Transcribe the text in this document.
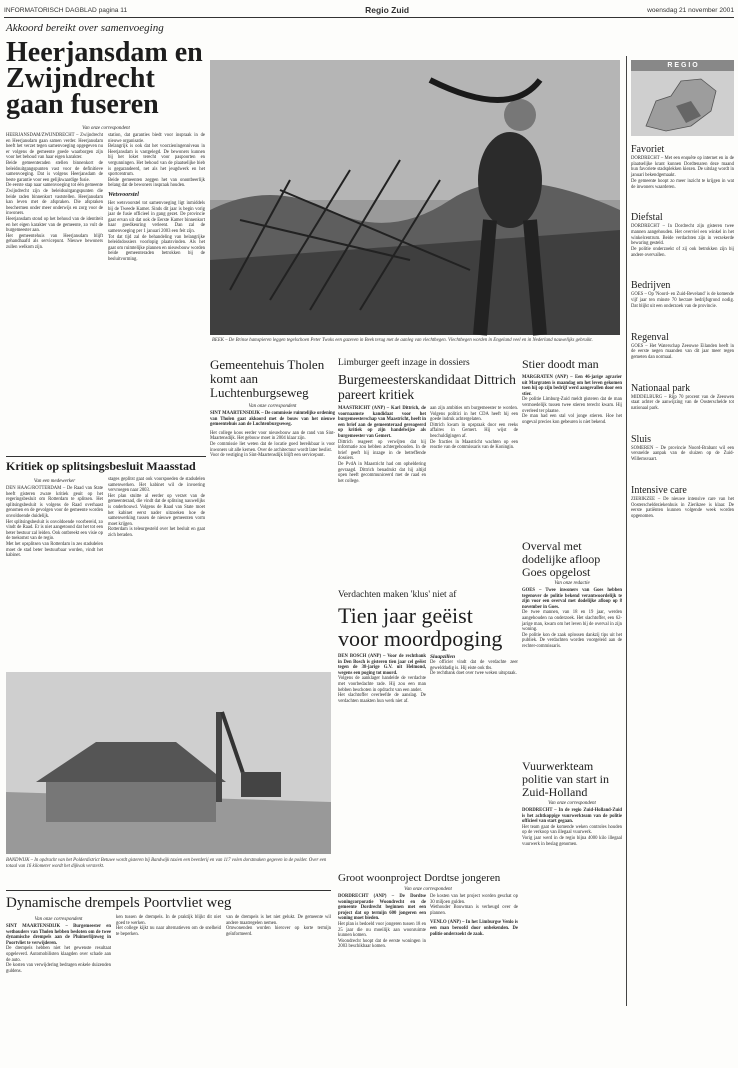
INFORMATORISCH DAGBLAD pagina 11	Regio Zuid	woensdag 21 november 2001
Akkoord bereikt over samenvoeging
Heerjansdam en Zwijndrecht gaan fuseren
Van onze correspondent
HEERJANSDAM/ZWIJNDRECHT – Zwijndrecht en Heerjansdam gaan samen verder. Heerjansdam heeft het verzet tegen samenvoeging opgegeven nu er volgens de gemeente goede waarborgen zijn voor het behoud van haar eigen karakter.
Beide gemeenteraden stellen binnenkort de beleidsuitgangspunten vast voor de definitieve samenvoeging. Dat is volgens Heerjansdam de beste garantie voor een gelijkwaardige fusie.
De eerste stap naar samenvoeging tot één gemeente Zwijndrecht zijn de beleidsuitgangspunten die beide raden binnenkort vaststellen. Heerjansdam kan leven met de afspraken. Die afspraken beschermen onder meer onderwijs en zorg voor de inwoners.
Heerjansdam stond op het behoud van de identiteit en het eigen karakter van de gemeente, zo vult de burgemeester aan.
Het gemeentehuis van Heerjansdam blijft gehandhaafd als servicepunt. Nieuwe bewoners zullen welkom zijn.
station, dat garanties biedt voor inspraak in de nieuwe organisatie.
Belangrijk is ook dat het voorzieningenniveau in Heerjansdam is vastgelegd. De bewoners kunnen bij het loket terecht voor paspoorten en vergunningen. Het behoud van de plaatselijke bieb is gegarandeerd, net als het jeugdwerk en het sportcentrum.
Beide gemeenten zeggen het van onontbeerlijk belang dat de bewoners inspraak houden.
Wetsvoorstel
Het wetsvoorstel tot samenvoeging ligt inmiddels bij de Tweede Kamer. Sinds dit jaar is begin vorig jaar de fusie officieel in gang gezet. De provincie gaat ervan uit dat ook de Eerste Kamer binnenkort haar goedkeuring verleent. Dan zal de samenvoeging per 1 januari 2003 een feit zijn.
Tot dat tijd zal de behandeling van belangrijke beleidsdossiers voorlopig plaatsvinden. Als het gaat om ruimtelijke plannen en nieuwbouw worden beide gemeenteraden betrokken bij de besluitvorming.
BEEK – De Brinse hamspieren leggen tegelschoen Peter Twoks een gazeven in Beek terug met de aanleg van vlechthegen. Vlechthegen worden in Engeland veel en in Nederland nauwelijks gebruikt.
R E G I O
Favoriet
DORDRECHT – Met een enquête op internet en in de plaatselijke krant kunnen Dordtenaren deze maand hun favoriete stadsplekken kiezen. De uitslag wordt in januari bekendgemaakt.
De gemeente hoopt zo meer inzicht te krijgen in wat de inwoners waarderen.
Diefstal
DORDRECHT – In Dordrecht zijn gisteren twee mannen aangehouden. Het overviel een winkel in het winkelcentrum. Beide verdachten zijn in verzekerde bewaring gesteld.
De politie onderzoekt of zij ook betrokken zijn bij andere overvallen.
Bedrijven
GOES – Op 'Noord- en Zuid-Beveland' is de komende vijf jaar ten minste 70 hectare bedrijfsgrond nodig. Dat blijkt uit een onderzoek van de provincie.
Regenval
GOES – Het Waterschap Zeeuwse Eilanden heeft in de eerste negen maanden van dit jaar meer regen gemeten dan normaal.
Nationaal park
MIDDELBURG – Rijp 70 procent van de Zeeuwen staat achter de aanwijzing van de Oosterschelde tot nationaal park.
Sluis
SOMEREN – De provincie Noord-Brabant wil een versnelde aanpak van de sluizen op de Zuid-Willemsvaart.
Intensive care
ZIERIKZEE – De nieuwe intensive care van het Oosterscheldeziekenhuis in Zierikzee is klaar. De eerste patiënten kunnen volgende week worden opgenomen.
Kritiek op splitsingsbesluit Maasstad
Van een medewerker
DEN HAAG/ROTTERDAM – De Raad van State heeft gisteren zware kritiek geuit op het regeringsbesluit om Rotterdam te splitsen. Het splitsingsbesluit is volgens de Raad overhaast genomen en de gevolgen voor de gemeente worden onvoldoende duidelijk.
Het splitsingsbesluit is onvoldoende voorbereid, zo vindt de Raad. Er is niet aangetoond dat het tot een beter bestuur zal leiden. Ook ontbreekt een visie op de toekomst van de regio.
Met het opsplitsen van Rotterdam in zes stadsdelen moet de stad beter bestuurbaar worden, vindt het kabinet.
stages geplitst gaat ook voorspoeden de stadsdelen samenwerken. Het kabinet wil de invoering vervroegen naar 2003.
Het plan stuitte al eerder op verzet van de gemeenteraad, die vindt dat de splitsing nauwelijks is onderbouwd. Volgens de Raad van State moet het kabinet eerst nader uitzoeken hoe de samenwerking tussen de nieuwe gemeenten vorm moet krijgen.
Rotterdam is teleurgesteld over het besluit en gaat zich beraden.
Gemeentehuis Tholen komt aan Luchtenburgseweg
Van onze correspondent
SINT MAARTENSDIJK – De commissie ruimtelijke ordening van Tholen gaat akkoord met de bouw van het nieuwe gemeentehuis aan de Luchtenburgseweg.
Het college koos eerder voor nieuwbouw aan de rand van Sint-Maartensdijk. Het gebouw moet in 2004 klaar zijn.
De commissie liet weten dat de locatie goed bereikbaar is voor inwoners uit alle kernen. Over de architectuur wordt later beslist.
Voor de vestiging in Sint-Maartensdijk blijft een servicepunt.
Limburger geeft inzage in dossiers
Burgemeesterskandidaat Dittrich pareert kritiek
MAASTRICHT (ANP) – Karl Dittrich, de voornaamste kandidaat voor het burgemeesterschap van Maastricht, heeft in een brief aan de gemeenteraad gereageerd op kritiek op zijn handelwijze als burgemeester van Gemert.
Dittrich reageert op verwijten dat hij informatie zou hebben achtergehouden. In de brief geeft hij inzage in de betreffende dossiers.
De PvdA in Maastricht had om opheldering gevraagd. Dittrich benadrukt dat hij altijd open heeft gecommuniceerd met de raad en het college.
aan zijn ambities om burgemeester te worden. Volgens politici in het CDA heeft hij een goede indruk achtergelaten.
Dittrich kwam in opspraak door een reeks affaires in Gemert. Hij wijst de beschuldigingen af.
De fracties in Maastricht wachten op een reactie van de commissaris van de Koningin.
Stier doodt man
MARGRATEN (ANP) – Een 46-jarige agrarier uit Margraten is maandag om het leven gekomen toen hij op zijn bedrijf werd aangevallen door een stier.
De politie Limburg-Zuid meldt gisteren dat de man vermoedelijk tussen twee stieren terecht kwam. Hij overleed ter plaatse.
De man had een stal vol jonge stieren. Hoe het ongeval precies kon gebeuren is niet bekend.
Overval met dodelijke afloop Goes opgelost
Van onze redactie
GOES – Twee inwoners van Goes hebben tegenover de politie bekend verantwoordelijk te zijn voor een overval met dodelijke afloop op 8 november in Goes.
De twee mannen, van 18 en 19 jaar, werden aangehouden na onderzoek. Het slachtoffer, een 62-jarige man, kwam om het leven bij de overval in zijn woning.
De politie kon de zaak oplossen dankzij tips uit het publiek. De verdachten worden voorgeleid aan de rechter-commissaris.
Verdachten maken 'klus' niet af
Tien jaar geëist voor moordpoging
DEN BOSCH (ANP) – Voor de rechtbank in Den Bosch is gisteren tien jaar cel geëist tegen de 38-jarige G.V. uit Helmond, wegens een poging tot moord.
Volgens de aanklager handelde de verdachte met voorbedachte rade. Hij zou een man hebben beschoten in opdracht van een ander.
Het slachtoffer overleefde de aanslag. De verdachten maakten hun werk niet af.
Slaapzillen
De officier vindt dat de verdachte zeer gewelddadig is. Hij eiste ook tbs.
De rechtbank doet over twee weken uitspraak.
Vuurwerkteam politie van start in Zuid-Holland
Van onze correspondent
DORDRECHT – In de regio Zuid-Holland-Zuid is het achtkoppige vuurwerkteam van de politie officieel van start gegaan.
Het team gaat de komende weken controles houden op de verkoop van illegaal vuurwerk.
Vorig jaar werd in de regio bijna 4000 kilo illegaal vuurwerk in beslag genomen.
BANDWIJK – In opdracht van het Polderdistrict Betuwe wordt gisteren bij Bandwijk taxien een beerderij en van 117 volen dorstmaken gegeven in de polder. Over een totaal van 16 kilometer wordt het dijkvak versterkt.
Groot woonproject Dordtse jongeren
Van onze correspondent
DORDRECHT (ANP) – De Dordtse woningcorporatie Woondrecht en de gemeente Dordrecht beginnen met een project dat op termijn 600 jongeren een woning moet bieden.
Het plan is bedoeld voor jongeren tussen 18 en 25 jaar die nu moeilijk aan woonruimte kunnen komen.
Woondrecht hoopt dat de eerste woningen in 2003 beschikbaar komen.
De kosten van het project worden geschat op 30 miljoen gulden.
Wethouder Bouwman is verheugd over de plannen.
VENLO (ANP) – In het Limburgse Venlo is een man beroofd door onbekenden. De politie onderzoekt de zaak.
Dynamische drempels Poortvliet weg
Van onze correspondent
SINT MAARTENSDIJK – Burgemeester en wethouders van Tholen hebben besloten om de twee dynamische drempels aan de Pluimerlijnweg in Poortvliet te verwijderen.
De drempels hebben niet het gewenste resultaat opgeleverd. Automobilisten klaagden over schade aan de auto.
De kosten van verwijdering bedragen enkele duizenden guldens.
ken tussen de drempels. In de praktijk blijkt dit niet goed te werken.
Het college kijkt nu naar alternatieven om de snelheid te beperken.
van de drempels is het niet gelukt. De gemeente wil andere maatregelen nemen.
Omwonenden worden hierover op korte termijn geïnformeerd.
